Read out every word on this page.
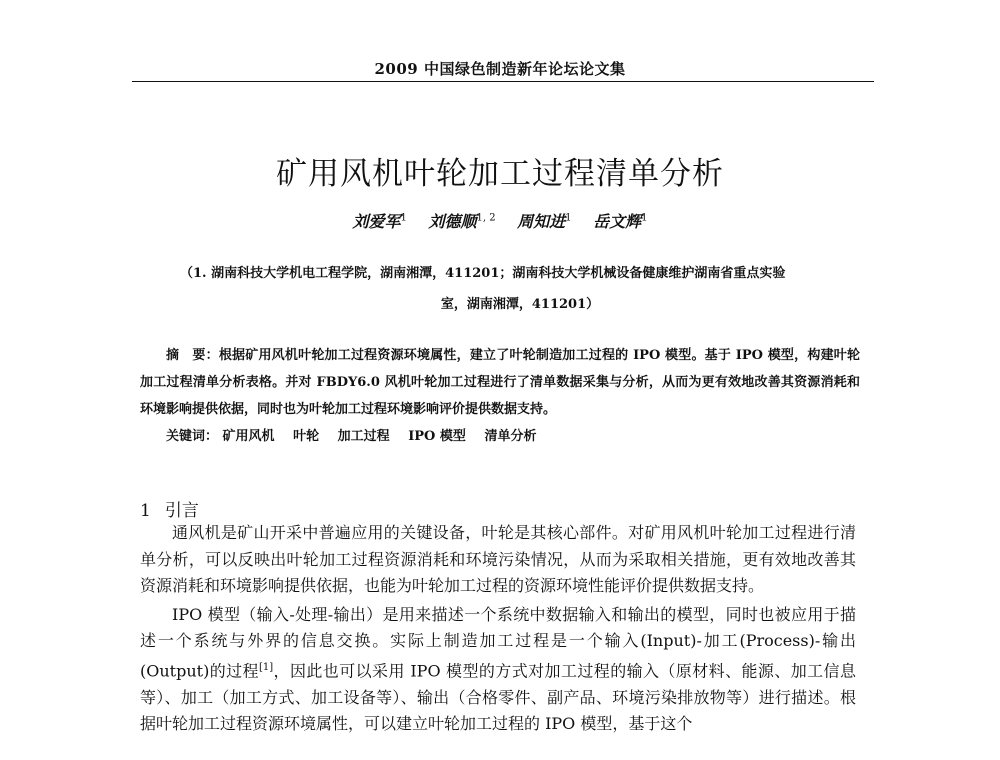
2009 中国绿色制造新年论坛论文集
矿用风机叶轮加工过程清单分析
刘爱军$^1$ 刘德顺$^{1, 2}$ 周知进$^1$ 岳文辉$^1$
（1. 湖南科技大学机电工程学院，湖南湘潭，411201；湖南科技大学机械设备健康维护湖南省重点实验
室，湖南湘潭，411201）
摘　要：根据矿用风机叶轮加工过程资源环境属性，建立了叶轮制造加工过程的 IPO 模型。基于 IPO 模型，构建叶轮加工过程清单分析表格。并对 FBDY6.0 风机叶轮加工过程进行了清单数据采集与分析，从而为更有效地改善其资源消耗和环境影响提供依据，同时也为叶轮加工过程环境影响评价提供数据支持。
关键词： 矿用风机 叶轮 加工过程 IPO 模型 清单分析
1 引言

通风机是矿山开采中普遍应用的关键设备，叶轮是其核心部件。对矿用风机叶轮加工过程进行清单分析，可以反映出叶轮加工过程资源消耗和环境污染情况，从而为采取相关措施，更有效地改善其资源消耗和环境影响提供依据，也能为叶轮加工过程的资源环境性能评价提供数据支持。

IPO 模型（输入-处理-输出）是用来描述一个系统中数据输入和输出的模型，同时也被应用于描述一个系统与外界的信息交换。实际上制造加工过程是一个输入(Input)-加工(Process)-输出(Output)的过程[1]，因此也可以采用 IPO 模型的方式对加工过程的输入（原材料、能源、加工信息等）、加工（加工方式、加工设备等）、输出（合格零件、副产品、环境污染排放物等）进行描述。根据叶轮加工过程资源环境属性，可以建立叶轮加工过程的 IPO 模型，基于这个
